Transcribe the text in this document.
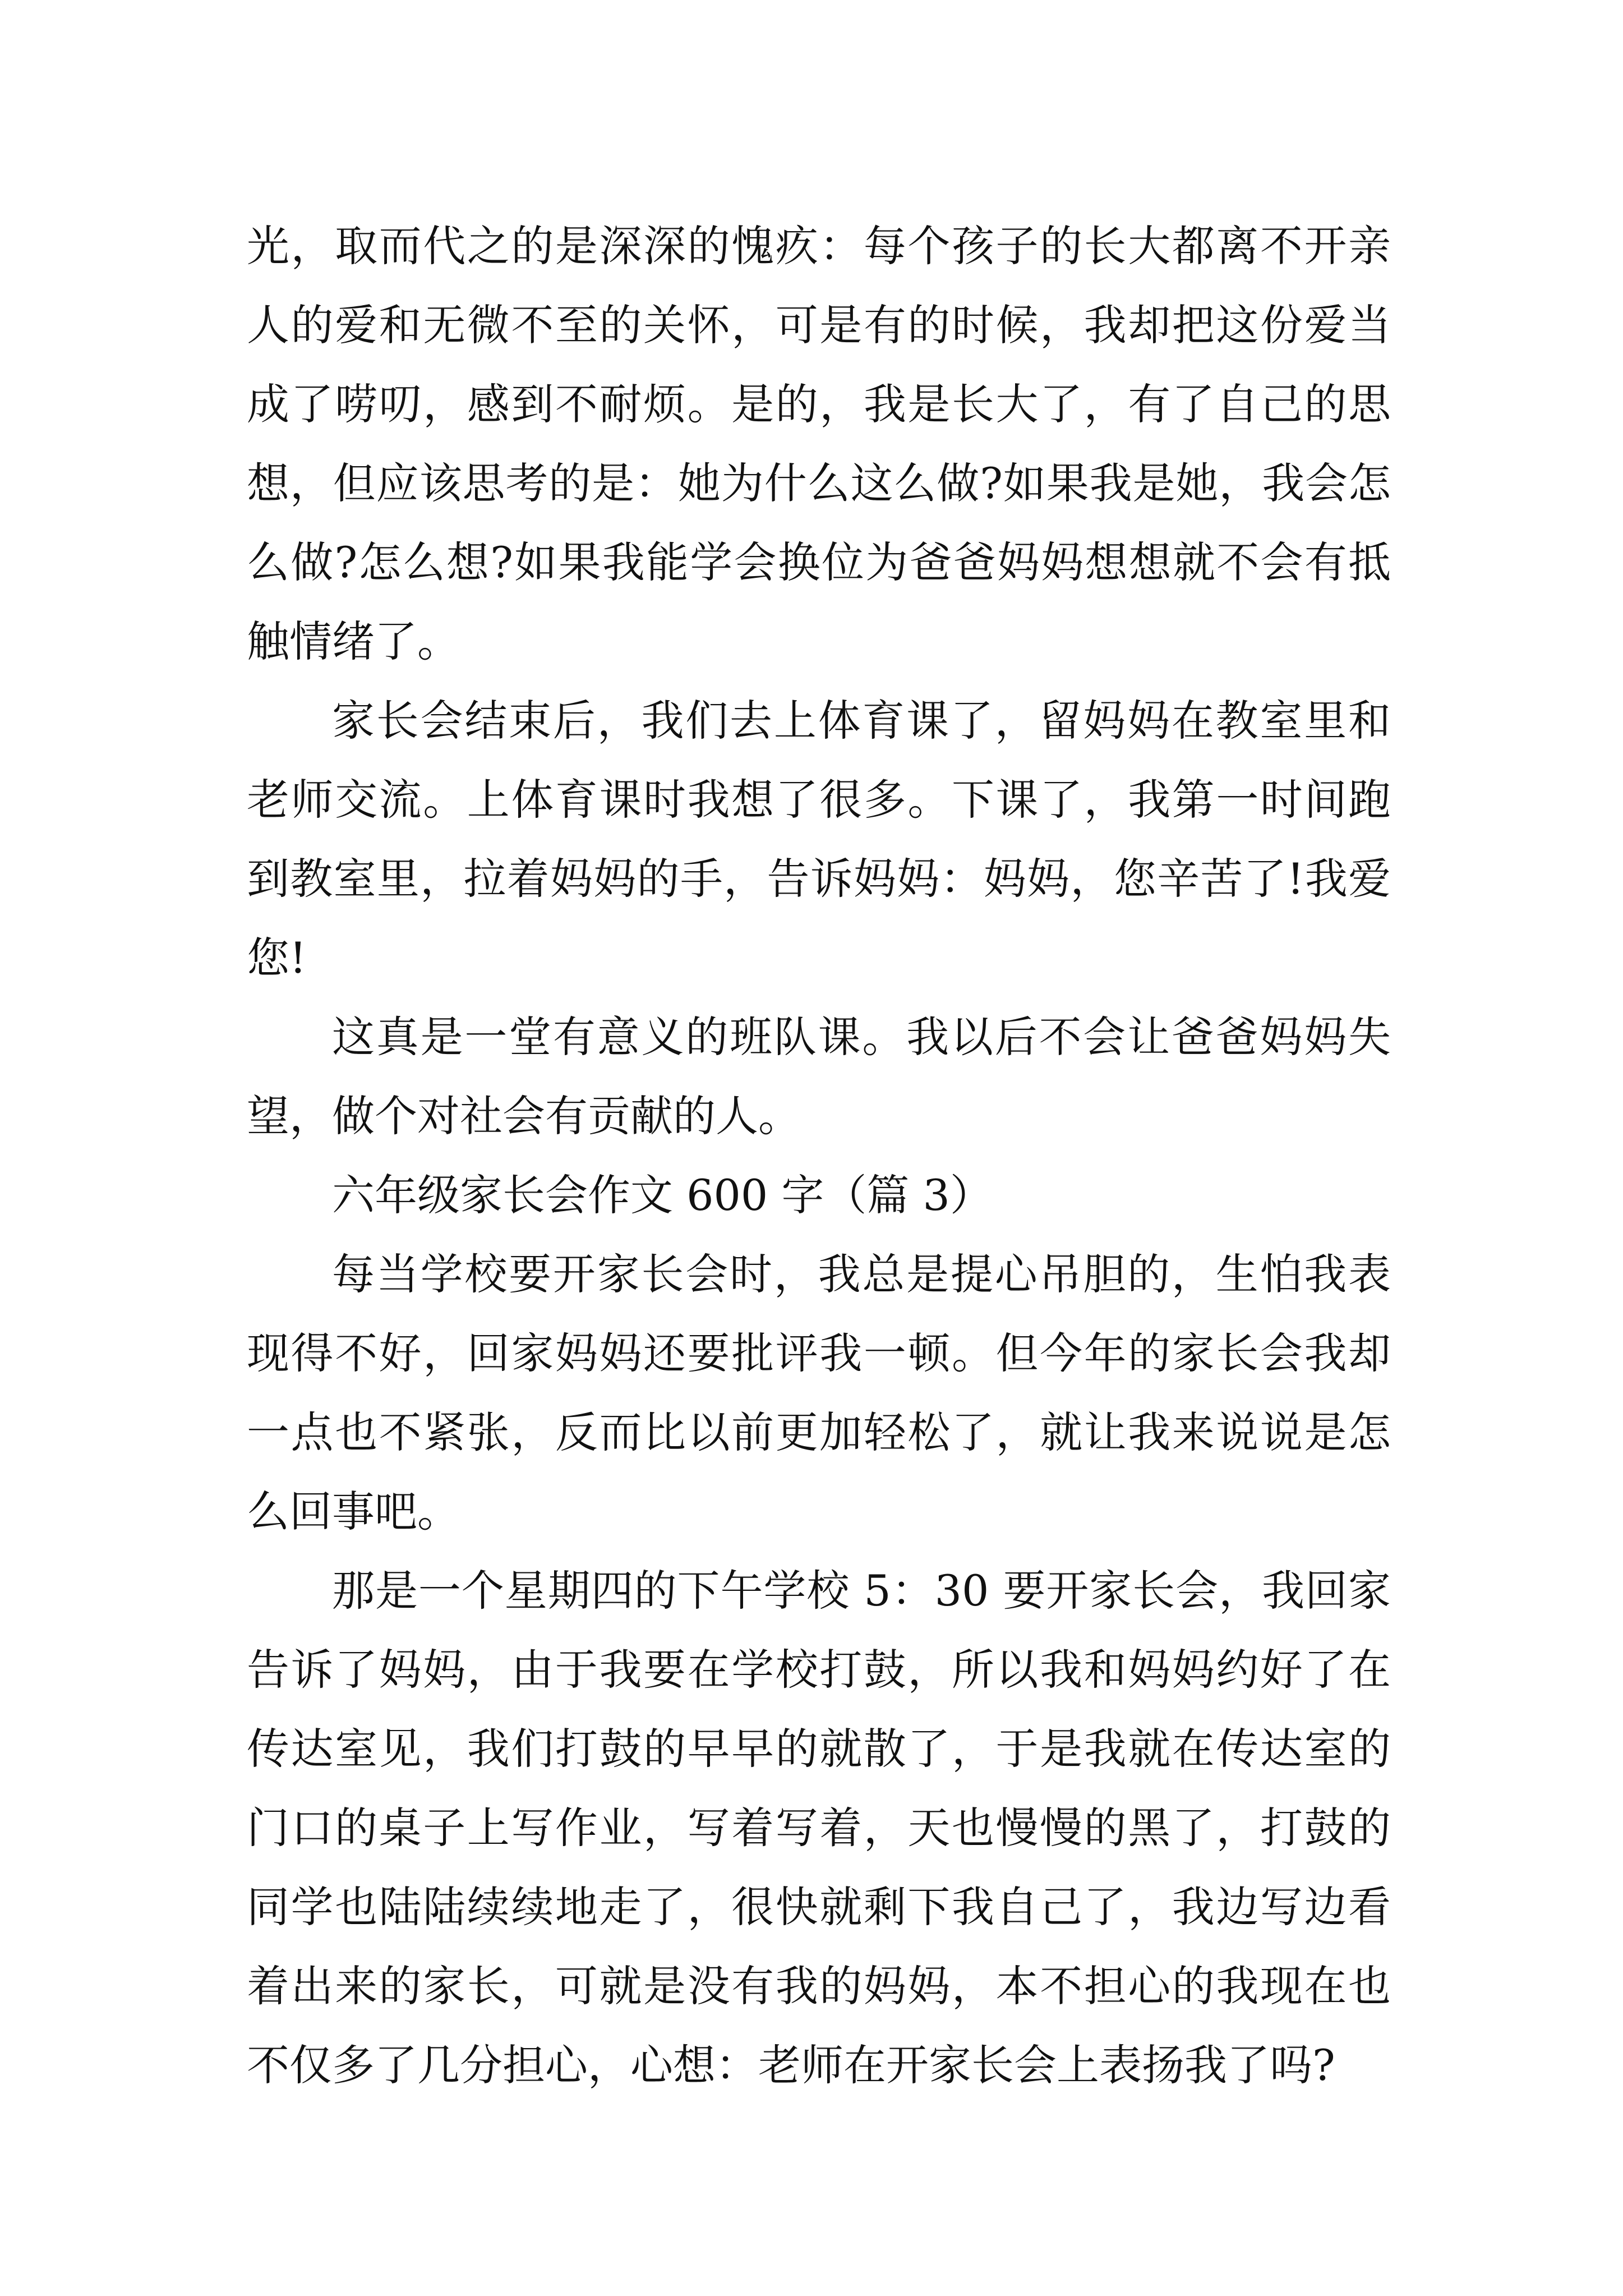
光，取而代之的是深深的愧疚：每个孩子的长大都离不开亲人的爱和无微不至的关怀，可是有的时候，我却把这份爱当成了唠叨，感到不耐烦。是的，我是长大了，有了自己的思想，但应该思考的是：她为什么这么做?如果我是她，我会怎么做?怎么想?如果我能学会换位为爸爸妈妈想想就不会有抵触情绪了。

家长会结束后，我们去上体育课了，留妈妈在教室里和老师交流。上体育课时我想了很多。下课了，我第一时间跑到教室里，拉着妈妈的手，告诉妈妈：妈妈，您辛苦了!我爱您!

这真是一堂有意义的班队课。我以后不会让爸爸妈妈失望，做个对社会有贡献的人。

六年级家长会作文 600 字（篇 3）

每当学校要开家长会时，我总是提心吊胆的，生怕我表现得不好，回家妈妈还要批评我一顿。但今年的家长会我却一点也不紧张，反而比以前更加轻松了，就让我来说说是怎么回事吧。

那是一个星期四的下午学校 5：30 要开家长会，我回家告诉了妈妈，由于我要在学校打鼓，所以我和妈妈约好了在传达室见，我们打鼓的早早的就散了，于是我就在传达室的门口的桌子上写作业，写着写着，天也慢慢的黑了，打鼓的同学也陆陆续续地走了，很快就剩下我自己了，我边写边看着出来的家长，可就是没有我的妈妈，本不担心的我现在也不仅多了几分担心，心想：老师在开家长会上表扬我了吗?
